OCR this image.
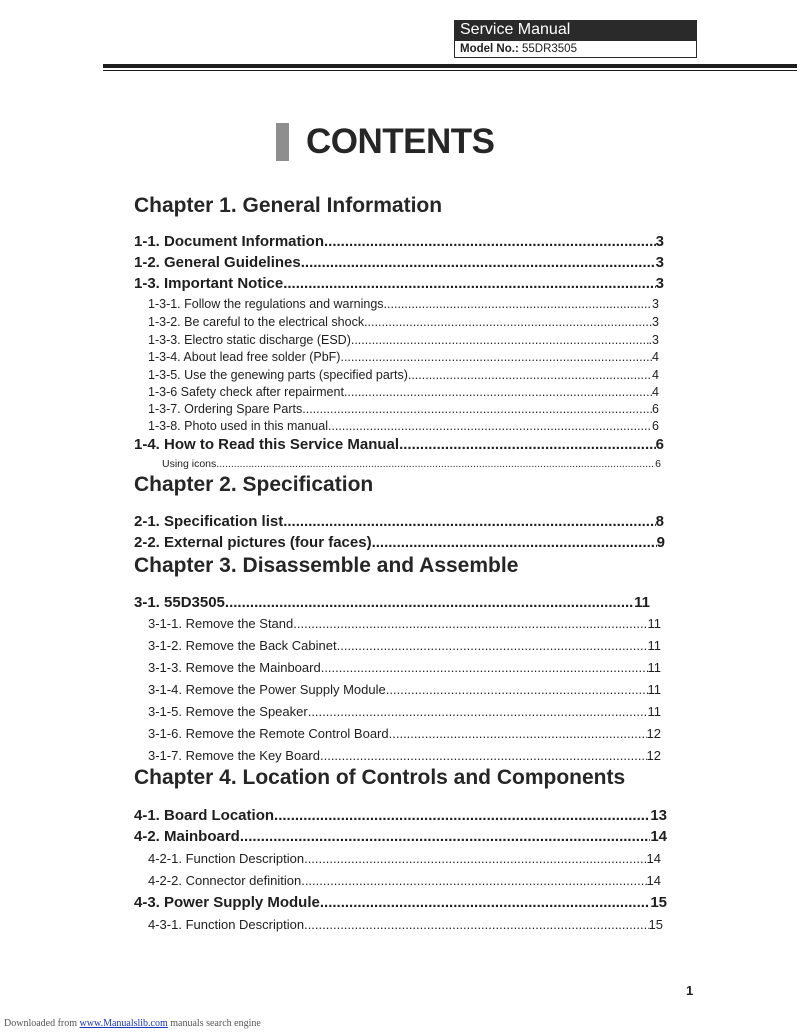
Service Manual
Model No.: 55DR3505
CONTENTS
Chapter 1. General Information
Chapter 2. Specification
Chapter 3. Disassemble and Assemble
Chapter 4. Location of Controls and Components
1-1. Document Information .....	3
1-2. General Guidelines .....	3
1-3. Important Notice .....	3
1-3-1. Follow the regulations and warnings .....	3
1-3-2. Be careful to the electrical shock .....	3
1-3-3. Electro static discharge (ESD) .....	.3
1-3-4. About lead free solder (PbF) .....	4
1-3-5. Use the genewing parts (specified parts) .....	4
1-3-6 Safety check after repairment .....	4
1-3-7. Ordering Spare Parts .....	6
1-3-8. Photo used in this manual .....	6
1-4. How to Read this Service Manual .....	6
Using icons .....	6
2-1. Specification list .....	8
2-2. External pictures (four faces) .....	9
3-1. 55D3505 .....	11
3-1-1. Remove the Stand .....	11
3-1-2. Remove the Back Cabinet .....	11
3-1-3. Remove the Mainboard .....	11
3-1-4. Remove the Power Supply Module .....	11
3-1-5. Remove the Speaker .....	11
3-1-6. Remove the Remote Control Board .....	12
3-1-7. Remove the Key Board .....	12
4-1. Board Location .....	13
4-2. Mainboard .....	14
4-2-1. Function Description .....	14
4-2-2. Connector definition .....	14
4-3. Power Supply Module .....	15
4-3-1. Function Description .....	15
1
Downloaded from www.Manualslib.com manuals search engine
